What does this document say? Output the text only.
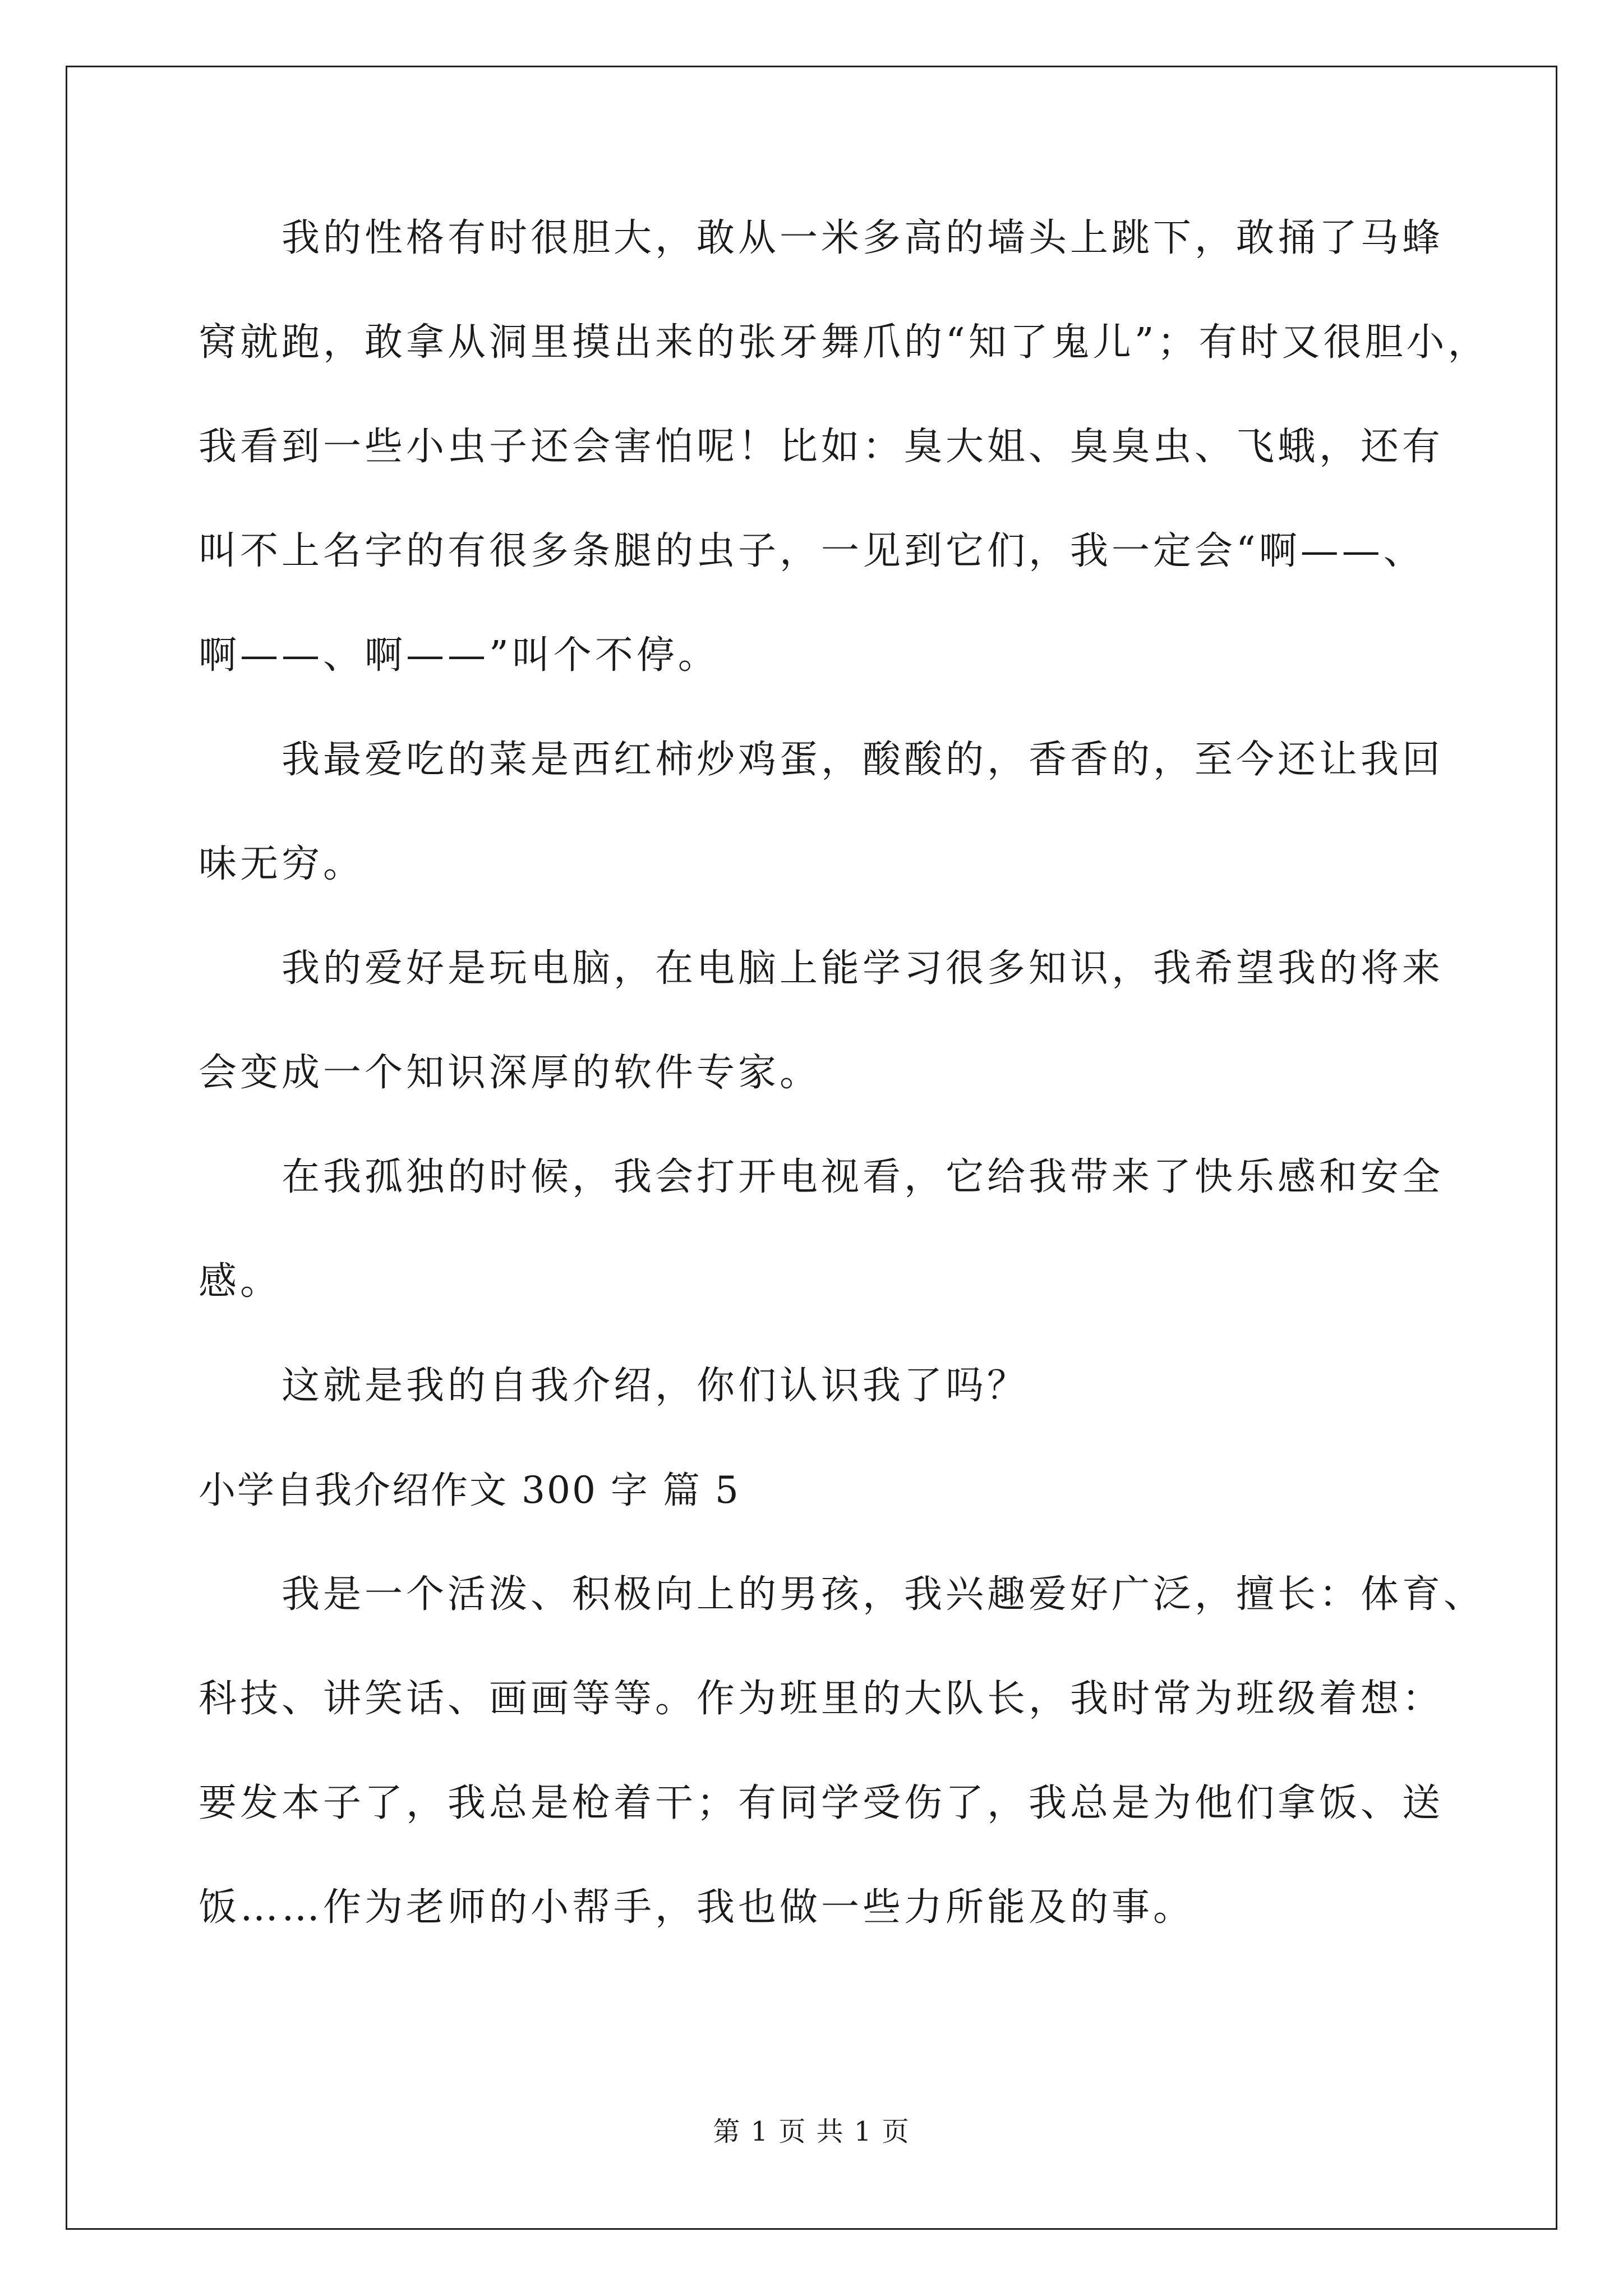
我的性格有时很胆大，敢从一米多高的墙头上跳下，敢捅了马蜂
窝就跑，敢拿从洞里摸出来的张牙舞爪的“知了鬼儿”；有时又很胆小，
我看到一些小虫子还会害怕呢！比如：臭大姐、臭臭虫、飞蛾，还有
叫不上名字的有很多条腿的虫子，一见到它们，我一定会“啊——、
啊——、啊——”叫个不停。
我最爱吃的菜是西红柿炒鸡蛋，酸酸的，香香的，至今还让我回
味无穷。
我的爱好是玩电脑，在电脑上能学习很多知识，我希望我的将来
会变成一个知识深厚的软件专家。
在我孤独的时候，我会打开电视看，它给我带来了快乐感和安全
感。
这就是我的自我介绍，你们认识我了吗？
小学自我介绍作文 300 字 篇 5
我是一个活泼、积极向上的男孩，我兴趣爱好广泛，擅长：体育、
科技、讲笑话、画画等等。作为班里的大队长，我时常为班级着想：
要发本子了，我总是枪着干；有同学受伤了，我总是为他们拿饭、送
饭……作为老师的小帮手，我也做一些力所能及的事。
第 1 页 共 1 页
